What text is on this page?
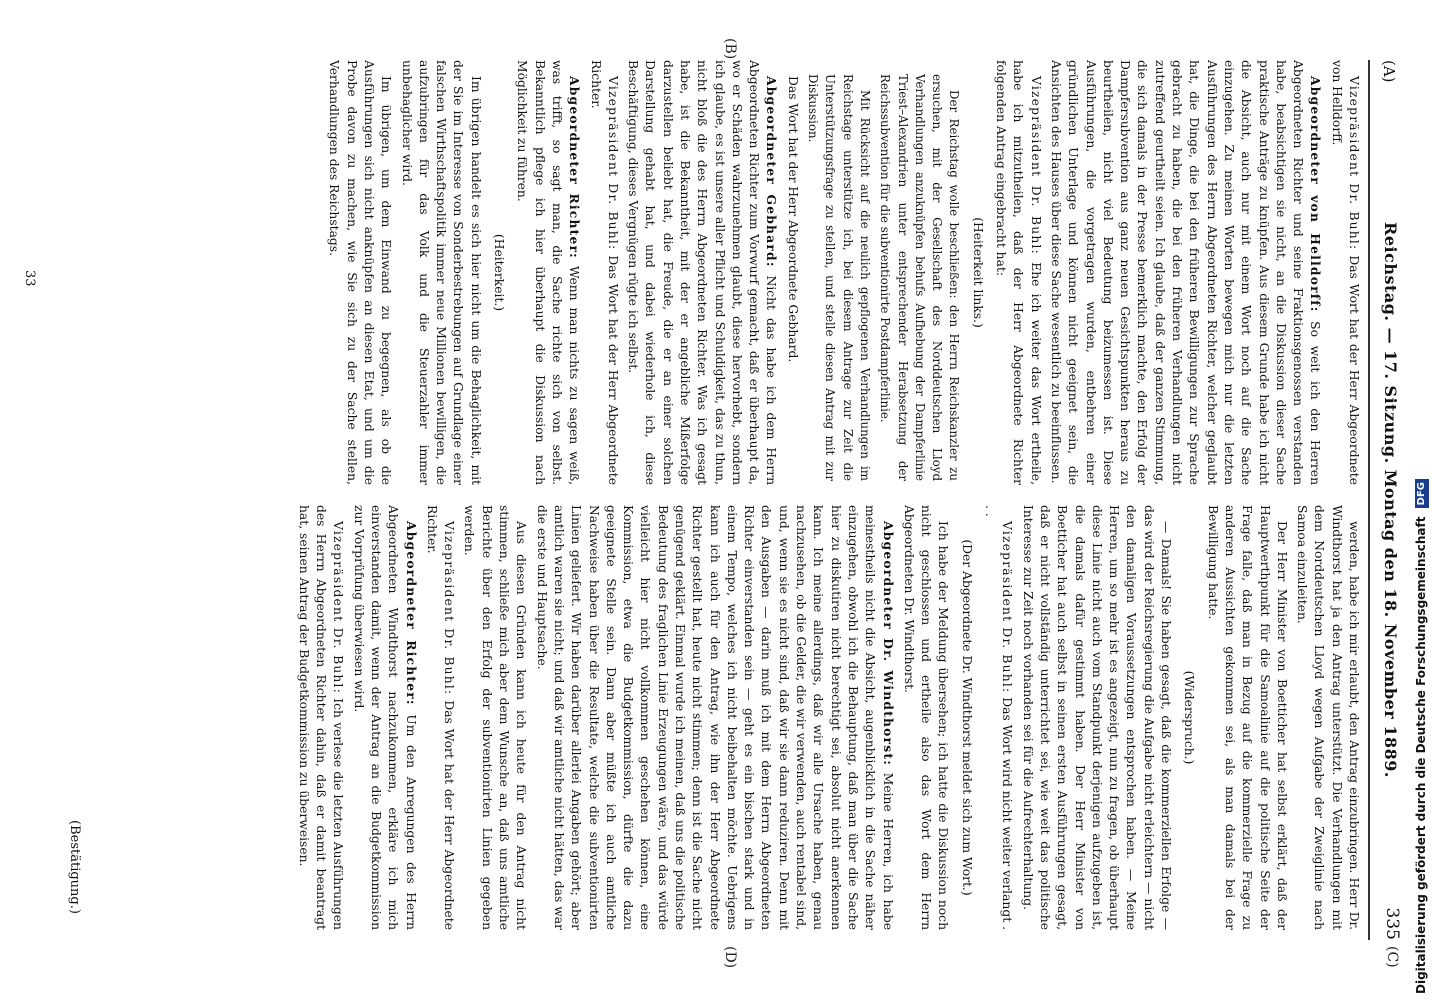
(A)
Reichstag. — 17. Sitzung. Montag den 18. November 1889.
335
(C)
(B)
(D)

Vizepräsident Dr. Buhl: Das Wort hat der Herr Abgeordnete von Helldorff.

Abgeordneter von Helldorff: So weit ich den Herren Abgeordneten Richter und seine Fraktionsgenossen verstanden habe, beabsichtigen sie nicht, an die Diskussion dieser Sache praktische Anträge zu knüpfen. Aus diesem Grunde habe ich nicht die Absicht, auch nur mit einem Wort noch auf die Sache einzugehen. Zu meinen Worten bewegen mich nur die letzten Ausführungen des Herrn Abgeordneten Richter, welcher geglaubt hat, die Dinge, die bei den früheren Bewilligungen zur Sprache gebracht zu haben, die bei den früheren Verhandlungen nicht zutreffend geurtheilt seien. Ich glaube, daß der ganzen Stimmung, die sich damals in der Presse bemerklich machte, den Erfolg der Dampfersubvention aus ganz neuen Gesichtspunkten heraus zu beurtheilen, nicht viel Bedeutung beizumessen ist. Diese Ausführungen, die vorgetragen wurden, entbehren einer gründlichen Unterlage und können nicht geeignet sein, die Ansichten des Hauses über diese Sache wesentlich zu beeinflussen.

Vizepräsident Dr. Buhl: Ehe ich weiter das Wort ertheile, habe ich mitzutheilen, daß der Herr Abgeordnete Richter folgenden Antrag eingebracht hat:

(Heiterkeit links.)

Der Reichstag wolle beschließen: den Herrn Reichskanzler zu ersuchen, mit der Gesellschaft des Norddeutschen Lloyd Verhandlungen anzuknüpfen behufs Aufhebung der Dampferlinie Triest–Alexandrien unter entsprechender Herabsetzung der Reichssubvention für die subventionirte Postdampferlinie.

Mit Rücksicht auf die neulich gepflogenen Verhandlungen im Reichstage unterstütze ich, bei diesem Antrage zur Zeit die Unterstützungsfrage zu stellen, und stelle diesen Antrag mit zur Diskussion.

Das Wort hat der Herr Abgeordnete Gebhard.

Abgeordneter Gebhard: Nicht das habe ich dem Herrn Abgeordneten Richter zum Vorwurf gemacht, daß er überhaupt da, wo er Schäden wahrzunehmen glaubt, diese hervorhebt, sondern ich glaube, es ist unsere aller Pflicht und Schuldigkeit, das zu thun, nicht bloß die des Herrn Abgeordneten Richter. Was ich gesagt habe, ist die Bekanntheit, mit der er angebliche Mißerfolge darzustellen beliebt hat, die Freude, die er an einer solchen Darstellung gehabt hat, und dabei wiederhole ich, diese Beschäftigung, dieses Vergnügen rügte ich selbst.

Vizepräsident Dr. Buhl: Das Wort hat der Herr Abgeordnete Richter.

Abgeordneter Richter: Wenn man nichts zu sagen weiß, was trifft, so sagt man, die Sache richte sich von selbst. Bekanntlich pflege ich hier überhaupt die Diskussion nach Möglichkeit zu führen.

(Heiterkeit.)

Im übrigen handelt es sich hier nicht um die Behaglichkeit, mit der Sie im Interesse von Sonderbestrebungen auf Grundlage einer falschen Wirthschaftspolitik immer neue Millionen bewilligen, die aufzubringen für das Volk und die Steuerzahler immer unbehaglicher wird.

Im übrigen, um dem Einwand zu begegnen, als ob die Ausführungen sich nicht anknüpfen an diesen Etat, und um die Probe davon zu machen, wie Sie sich zu der Sache stellen, Verhandlungen des Reichstags.

werden, habe ich mir erlaubt, den Antrag einzubringen. Herr Dr. Windthorst hat ja den Antrag unterstützt. Die Verhandlungen mit dem Norddeutschen Lloyd wegen Aufgabe der Zweiglinie nach Samoa einzuleiten.

Der Herr Minister von Boetticher hat selbst erklärt, daß der Hauptwerthpunkt für die Samoalinie auf die politische Seite der Frage falle, daß man in Bezug auf die kommerzielle Frage zu anderen Aussichten gekommen sei, als man damals bei der Bewilligung hatte.

(Widerspruch.)

— Damals! Sie haben gesagt, daß die kommerziellen Erfolge — das wird der Reichsregierung die Aufgabe nicht erleichtern — nicht den damaligen Voraussetzungen entsprochen haben. — Meine Herren, um so mehr ist es angezeigt, nun zu fragen, ob überhaupt diese Linie nicht auch vom Standpunkt derjenigen aufzugeben ist, die damals dafür gestimmt haben. Der Herr Minister von Boetticher hat auch selbst in seinen ersten Ausführungen gesagt, daß er nicht vollständig unterrichtet sei, wie weit das politische Interesse zur Zeit noch vorhanden sei für die Aufrechterhaltung.

Vizepräsident Dr. Buhl: Das Wort wird nicht weiter verlangt . . .

(Der Abgeordnete Dr. Windthorst meldet sich zum Wort.)

Ich habe der Meldung übersehen; ich hatte die Diskussion noch nicht geschlossen und ertheile also das Wort dem Herrn Abgeordneten Dr. Windthorst.

Abgeordneter Dr. Windthorst: Meine Herren, ich habe meinestheils nicht die Absicht, augenblicklich in die Sache näher einzugehen, obwohl ich die Behauptung, daß man über die Sache hier zu diskutiren nicht berechtigt sei, absolut nicht anerkennen kann. Ich meine allerdings, daß wir alle Ursache haben, genau nachzusehen, ob die Gelder, die wir verwenden, auch rentabel sind, und, wenn sie es nicht sind, daß wir sie dann reduziren. Denn mit den Ausgaben — darin muß ich mit dem Herrn Abgeordneten Richter einverstanden sein — geht es ein bischen stark und in einem Tempo, welches ich nicht beibehalten möchte. Uebrigens kann ich auch für den Antrag, wie ihn der Herr Abgeordnete Richter gestellt hat, heute nicht stimmen; denn ist die Sache nicht genügend geklärt. Einmal wurde ich meinen, daß uns die politische Bedeutung des fraglichen Linie Erzeugungen wäre, und das würde vielleicht hier nicht vollkommen geschehen können, eine Kommission, etwa die Budgetkommission, dürfte die dazu geeignete Stelle sein. Dann aber müßte ich auch amtliche Nachweise haben über die Resultate, welche die subventionirten Linien geliefert. Wir haben darüber allerlei Angaben gehört; aber amtlich waren sie nicht; und daß wir amtliche nicht hätten, das war die erste und Hauptsache.

Aus diesen Gründen kann ich heute für den Antrag nicht stimmen, schließe mich aber dem Wunsche an, daß uns amtliche Berichte über den Erfolg der subventionirten Linien gegeben werden.

Vizepräsident Dr. Buhl: Das Wort hat der Herr Abgeordnete Richter.

Abgeordneter Richter: Um den Anregungen des Herrn Abgeordneten Windthorst nachzukommen, erkläre ich mich einverstanden damit, wenn der Antrag an die Budgetkommission zur Vorprüfung überwiesen wird.

Vizepräsident Dr. Buhl: Ich verlese die letzten Ausführungen des Herrn Abgeordneten Richter dahin, daß er damit beantragt hat, seinen Antrag der Budgetkommission zu überweisen.

33
(Bestätigung.)	Digitalisierung gefördert durch die Deutsche Forschungsgemeinschaft DFG
